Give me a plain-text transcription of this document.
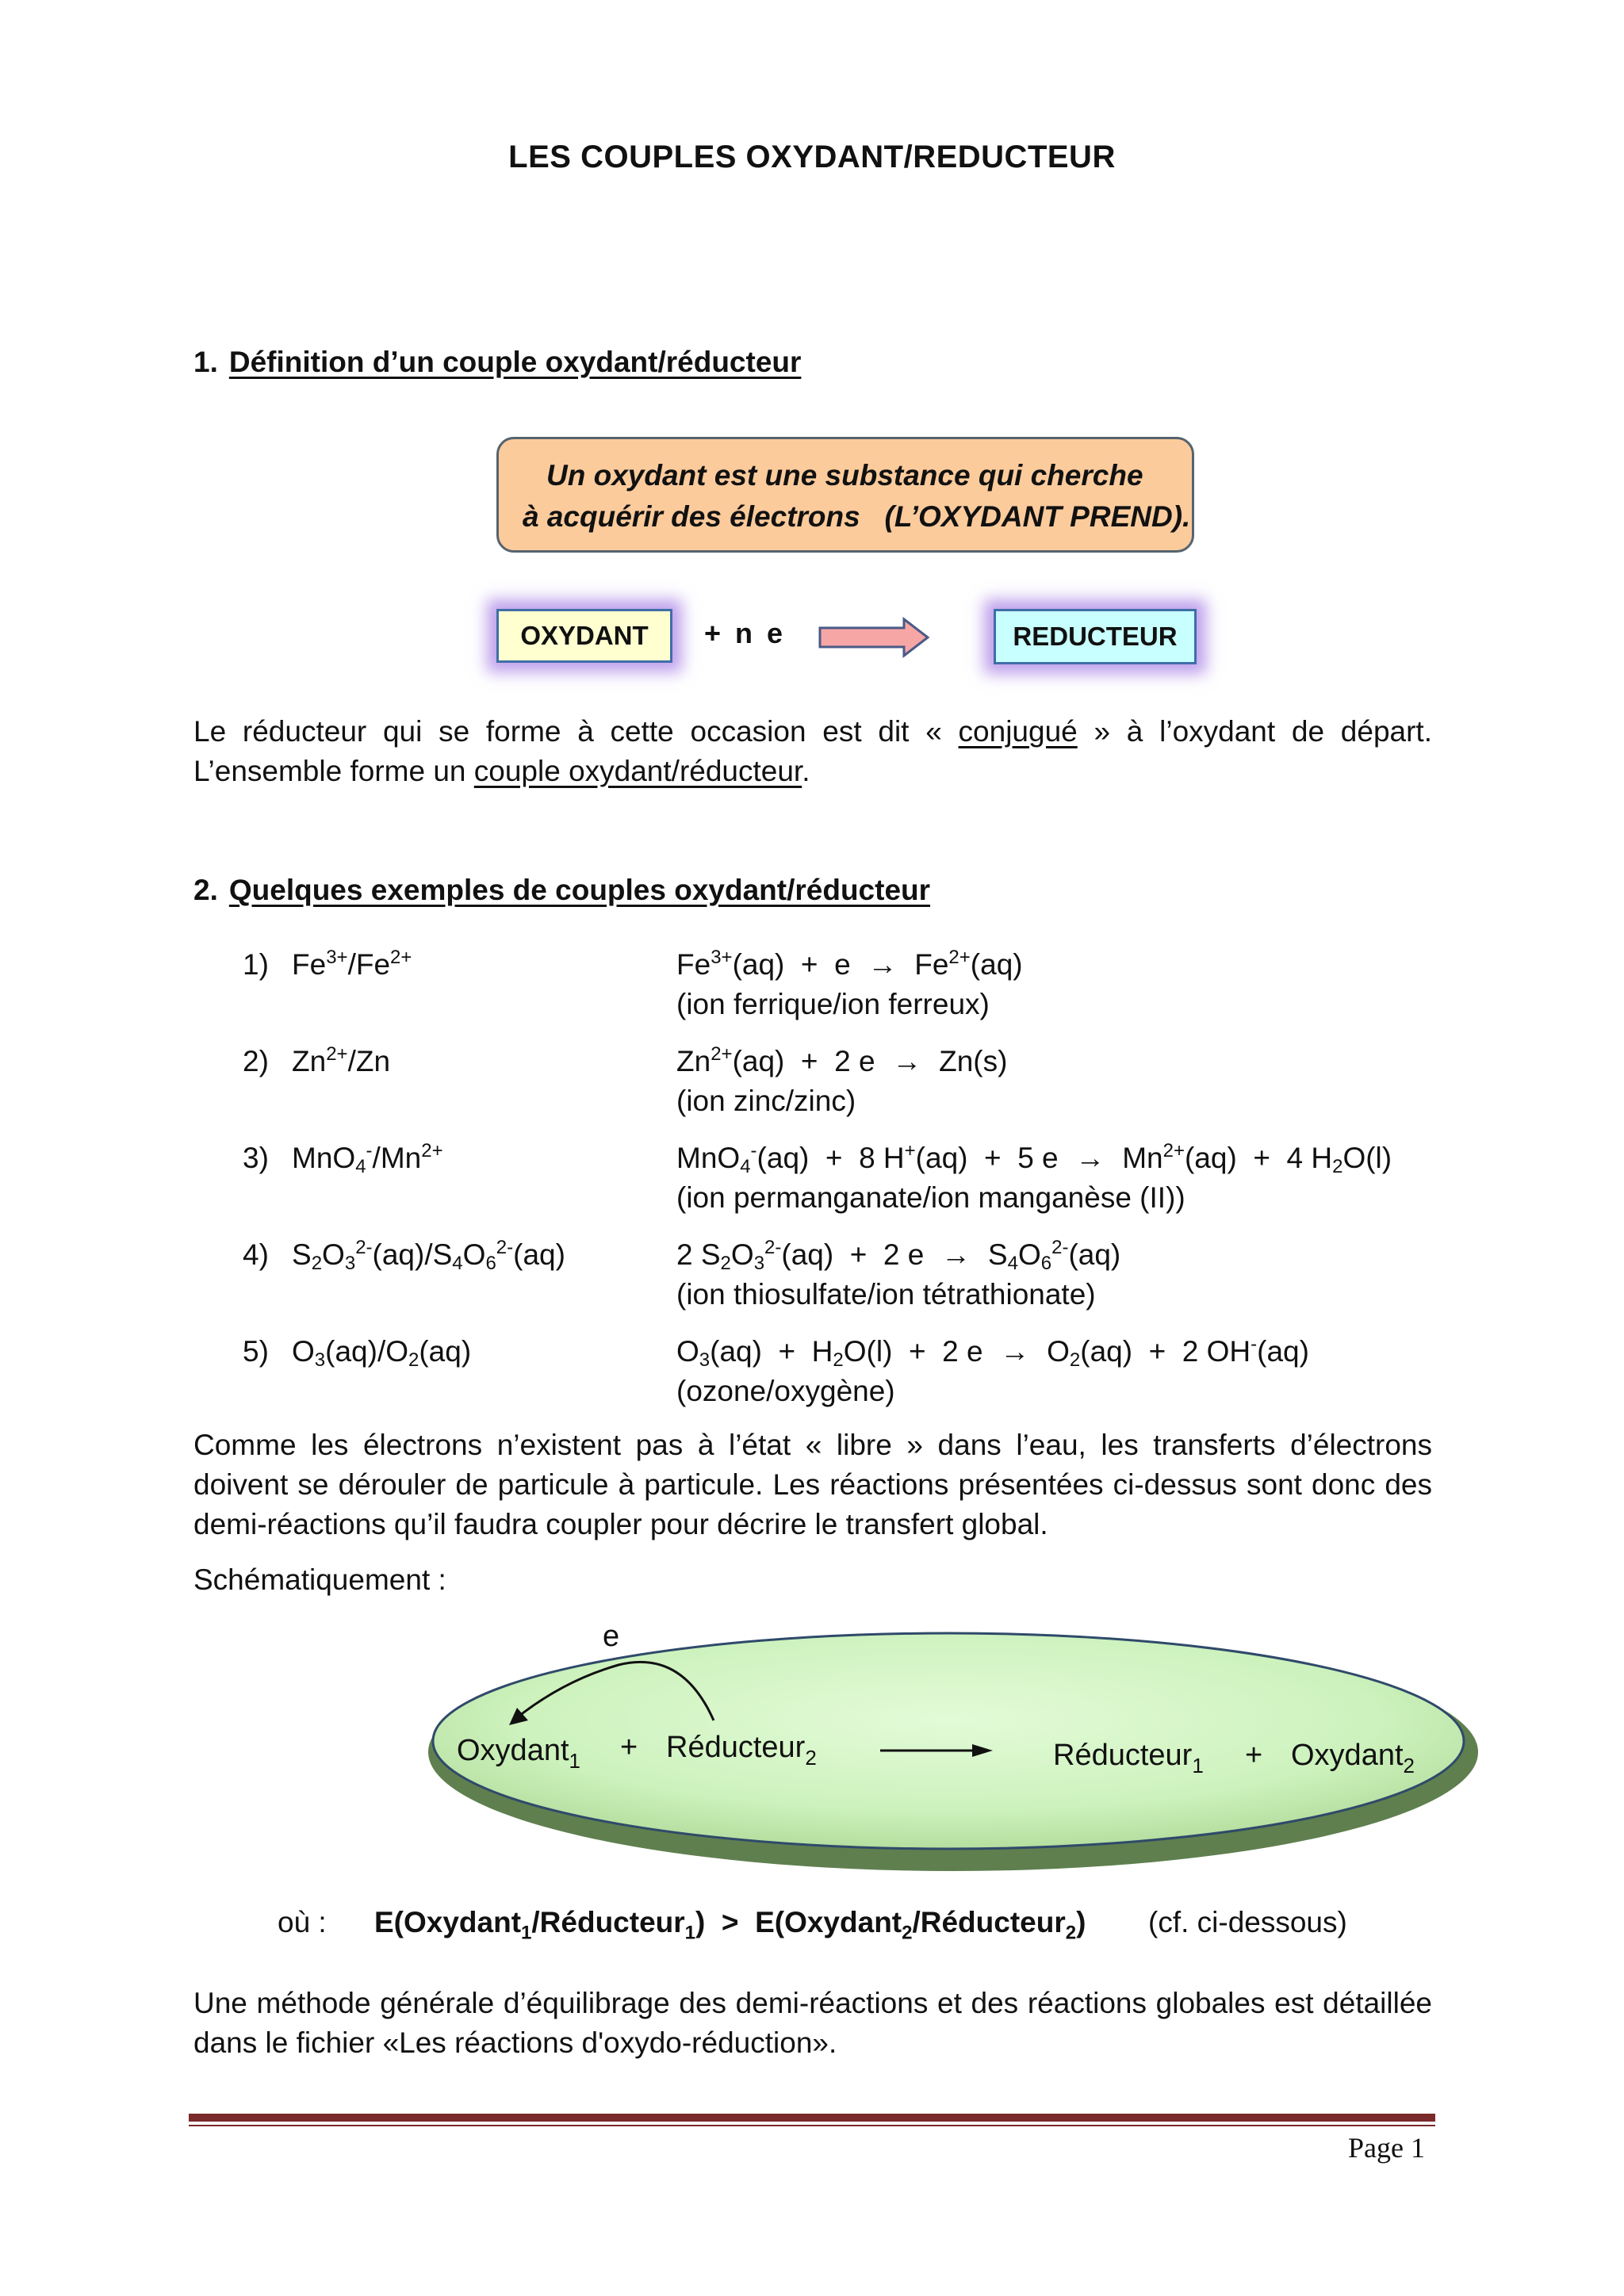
LES COUPLES OXYDANT/REDUCTEUR
1. Définition d’un couple oxydant/réducteur
Un oxydant est une substance qui cherche
à acquérir des électrons   (L’OXYDANT PREND).
OXYDANT	+ n e	REDUCTEUR
Le réducteur qui se forme à cette occasion est dit « conjugué » à l’oxydant de départ. L’ensemble forme un couple oxydant/réducteur.
2. Quelques exemples de couples oxydant/réducteur
1) $Fe^{3+}/Fe^{2+}$	$Fe^{3+}(aq) + e \to Fe^{2+}(aq)$
(ion ferrique/ion ferreux)
2) $Zn^{2+}/Zn$	$Zn^{2+}(aq) + 2$ e → Zn(s)
(ion zinc/zinc)
3) $MnO_4^-/Mn^{2+}$	MnO$_4$-(aq)  +  8 H+(aq)  +  5 $e \to Mn^{2+}(aq) + 4$ $H_2O(l)$
(ion permanganate/ion manganèse (II))
4) $S_2O_3^{2-}(aq)/S_4O_6^{2-}(aq)$	2 $S_2O_3^{2-}(aq) + 2$ $e \to S_4O_6^{2-}(aq)$
(ion thiosulfate/ion tétrathionate)
5) $O_3(aq)/O_2(aq)$	$O_3(aq) + H_2O(l) + 2$ $e \to O_2(aq) + 2$ OH-(aq)
(ozone/oxygène)
Comme les électrons n’existent pas à l’état « libre » dans l’eau, les transferts d’électrons doivent se dérouler de particule à particule. Les réactions présentées ci-dessus sont donc des demi-réactions qu’il faudra coupler pour décrire le transfert global.
Schématiquement :
e
Oxydant$_1$ + Réducteur$_2$	Réducteur$_1$ + Oxydant$_2$
où : E(Oxydant$_1$/Réducteur$_1$)  >  E(Oxydant$_2$/Réducteur$_2$) (cf. ci-dessous)
Une méthode générale d’équilibrage des demi-réactions et des réactions globales est détaillée dans le fichier «Les réactions d'oxydo-réduction».
Page 1
